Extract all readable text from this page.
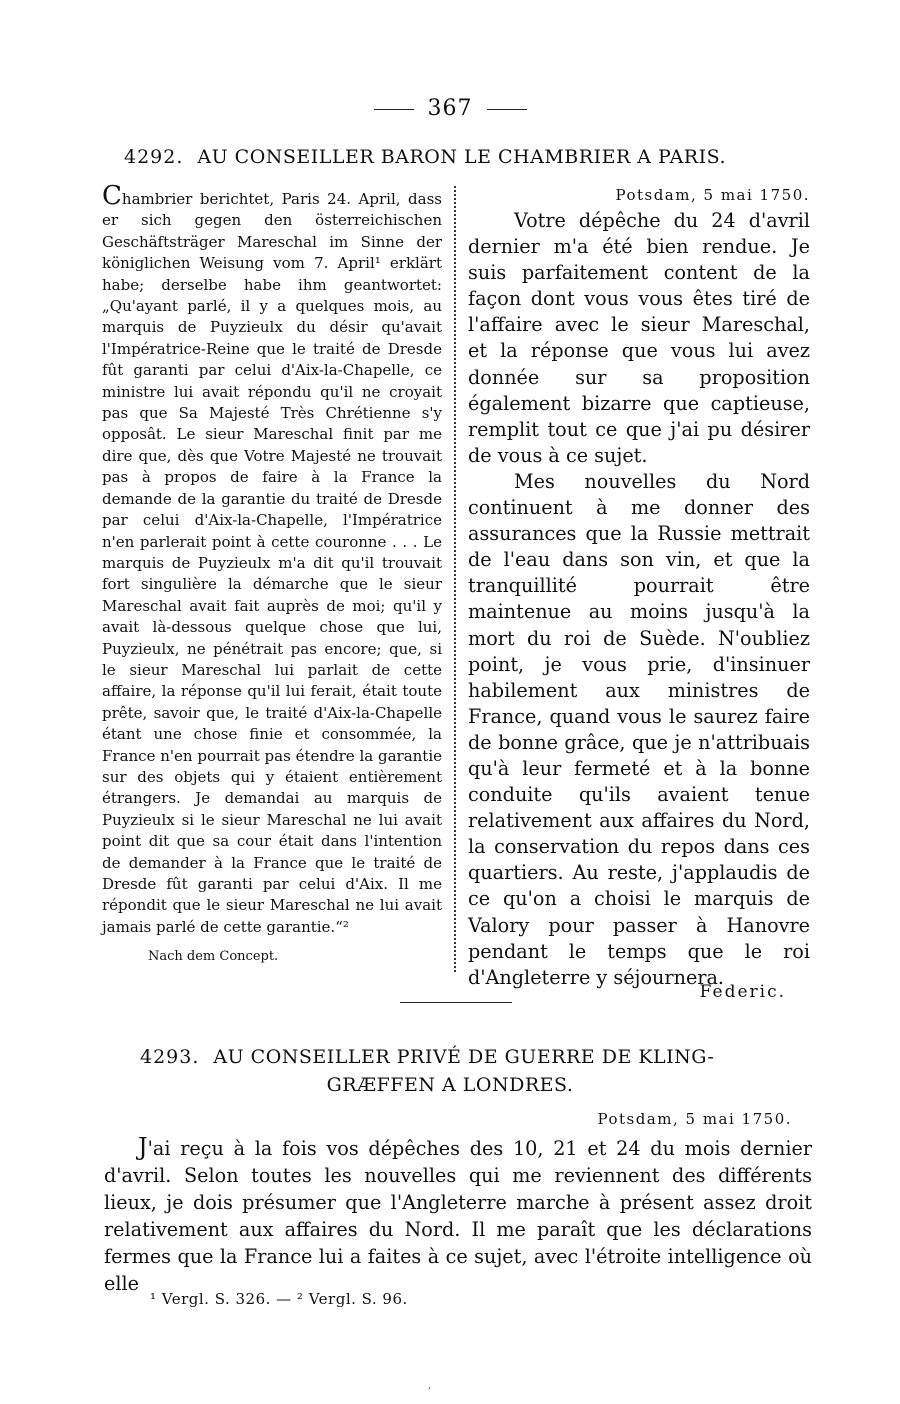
367
4292. AU CONSEILLER BARON LE CHAMBRIER A PARIS.
Chambrier berichtet, Paris 24. April, dass er sich gegen den österreichischen Geschäftsträger Mareschal im Sinne der königlichen Weisung vom 7. April¹ erklärt habe; derselbe habe ihm geantwortet: „Qu'ayant parlé, il y a quelques mois, au marquis de Puyzieulx du désir qu'avait l'Impératrice-Reine que le traité de Dresde fût garanti par celui d'Aix-la-Chapelle, ce ministre lui avait répondu qu'il ne croyait pas que Sa Majesté Très Chrétienne s'y opposât. Le sieur Mareschal finit par me dire que, dès que Votre Majesté ne trouvait pas à propos de faire à la France la demande de la garantie du traité de Dresde par celui d'Aix-la-Chapelle, l'Impératrice n'en parlerait point à cette couronne . . . Le marquis de Puyzieulx m'a dit qu'il trouvait fort singulière la démarche que le sieur Mareschal avait fait auprès de moi; qu'il y avait là-dessous quelque chose que lui, Puyzieulx, ne pénétrait pas encore; que, si le sieur Mareschal lui parlait de cette affaire, la réponse qu'il lui ferait, était toute prête, savoir que, le traité d'Aix-la-Chapelle étant une chose finie et consommée, la France n'en pourrait pas étendre la garantie sur des objets qui y étaient entièrement étrangers. Je demandai au marquis de Puyzieulx si le sieur Mareschal ne lui avait point dit que sa cour était dans l'intention de demander à la France que le traité de Dresde fût garanti par celui d'Aix. Il me répondit que le sieur Mareschal ne lui avait jamais parlé de cette garantie.“²
Nach dem Concept.
Potsdam, 5 mai 1750.

Votre dépêche du 24 d'avril dernier m'a été bien rendue. Je suis parfaitement content de la façon dont vous vous êtes tiré de l'affaire avec le sieur Mareschal, et la réponse que vous lui avez donnée sur sa proposition également bizarre que captieuse, remplit tout ce que j'ai pu désirer de vous à ce sujet.

Mes nouvelles du Nord continuent à me donner des assurances que la Russie mettrait de l'eau dans son vin, et que la tranquillité pourrait être maintenue au moins jusqu'à la mort du roi de Suède. N'oubliez point, je vous prie, d'insinuer habilement aux ministres de France, quand vous le saurez faire de bonne grâce, que je n'attribuais qu'à leur fermeté et à la bonne conduite qu'ils avaient tenue relativement aux affaires du Nord, la conservation du repos dans ces quartiers. Au reste, j'applaudis de ce qu'on a choisi le marquis de Valory pour passer à Hanovre pendant le temps que le roi d'Angleterre y séjournera.

Federic.
4293. AU CONSEILLER PRIVÉ DE GUERRE DE KLING-
GRÆFFEN A LONDRES.
Potsdam, 5 mai 1750.

J'ai reçu à la fois vos dépêches des 10, 21 et 24 du mois dernier d'avril. Selon toutes les nouvelles qui me reviennent des différents lieux, je dois présumer que l'Angleterre marche à présent assez droit relativement aux affaires du Nord. Il me paraît que les déclarations fermes que la France lui a faites à ce sujet, avec l'étroite intelligence où elle

¹ Vergl. S. 326. — ² Vergl. S. 96.
,
